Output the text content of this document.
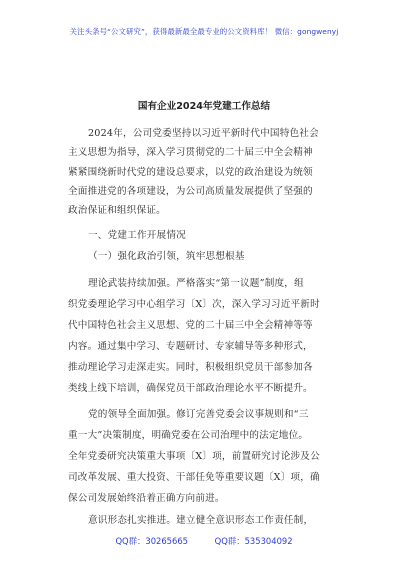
关注头条号“公文研究”，获得最新最全最专业的公文资料库！ 微信：gongwenyj
国有企业2024年党建工作总结
2024年，公司党委坚持以习近平新时代中国特色社会
主义思想为指导，深入学习贯彻党的二十届三中全会精神
紧紧围绕新时代党的建设总要求，以党的政治建设为统领
全面推进党的各项建设，为公司高质量发展提供了坚强的
政治保证和组织保证。
一、党建工作开展情况
（一）强化政治引领，筑牢思想根基
理论武装持续加强。严格落实“第一议题”制度，组
织党委理论学习中心组学习〔X〕次，深入学习习近平新时
代中国特色社会主义思想、党的二十届三中全会精神等等
内容。通过集中学习、专题研讨、专家辅导等多种形式，
推动理论学习走深走实。同时，积极组织党员干部参加各
类线上线下培训，确保党员干部政治理论水平不断提升。
党的领导全面加强。修订完善党委会议事规则和“三
重一大”决策制度，明确党委在公司治理中的法定地位。
全年党委研究决策重大事项〔X〕项，前置研究讨论涉及公
司改革发展、重大投资、干部任免等重要议题〔X〕项，确
保公司发展始终沿着正确方向前进。
意识形态扎实推进。建立健全意识形态工作责任制，
QQ群：30265665	QQ群：535304092
